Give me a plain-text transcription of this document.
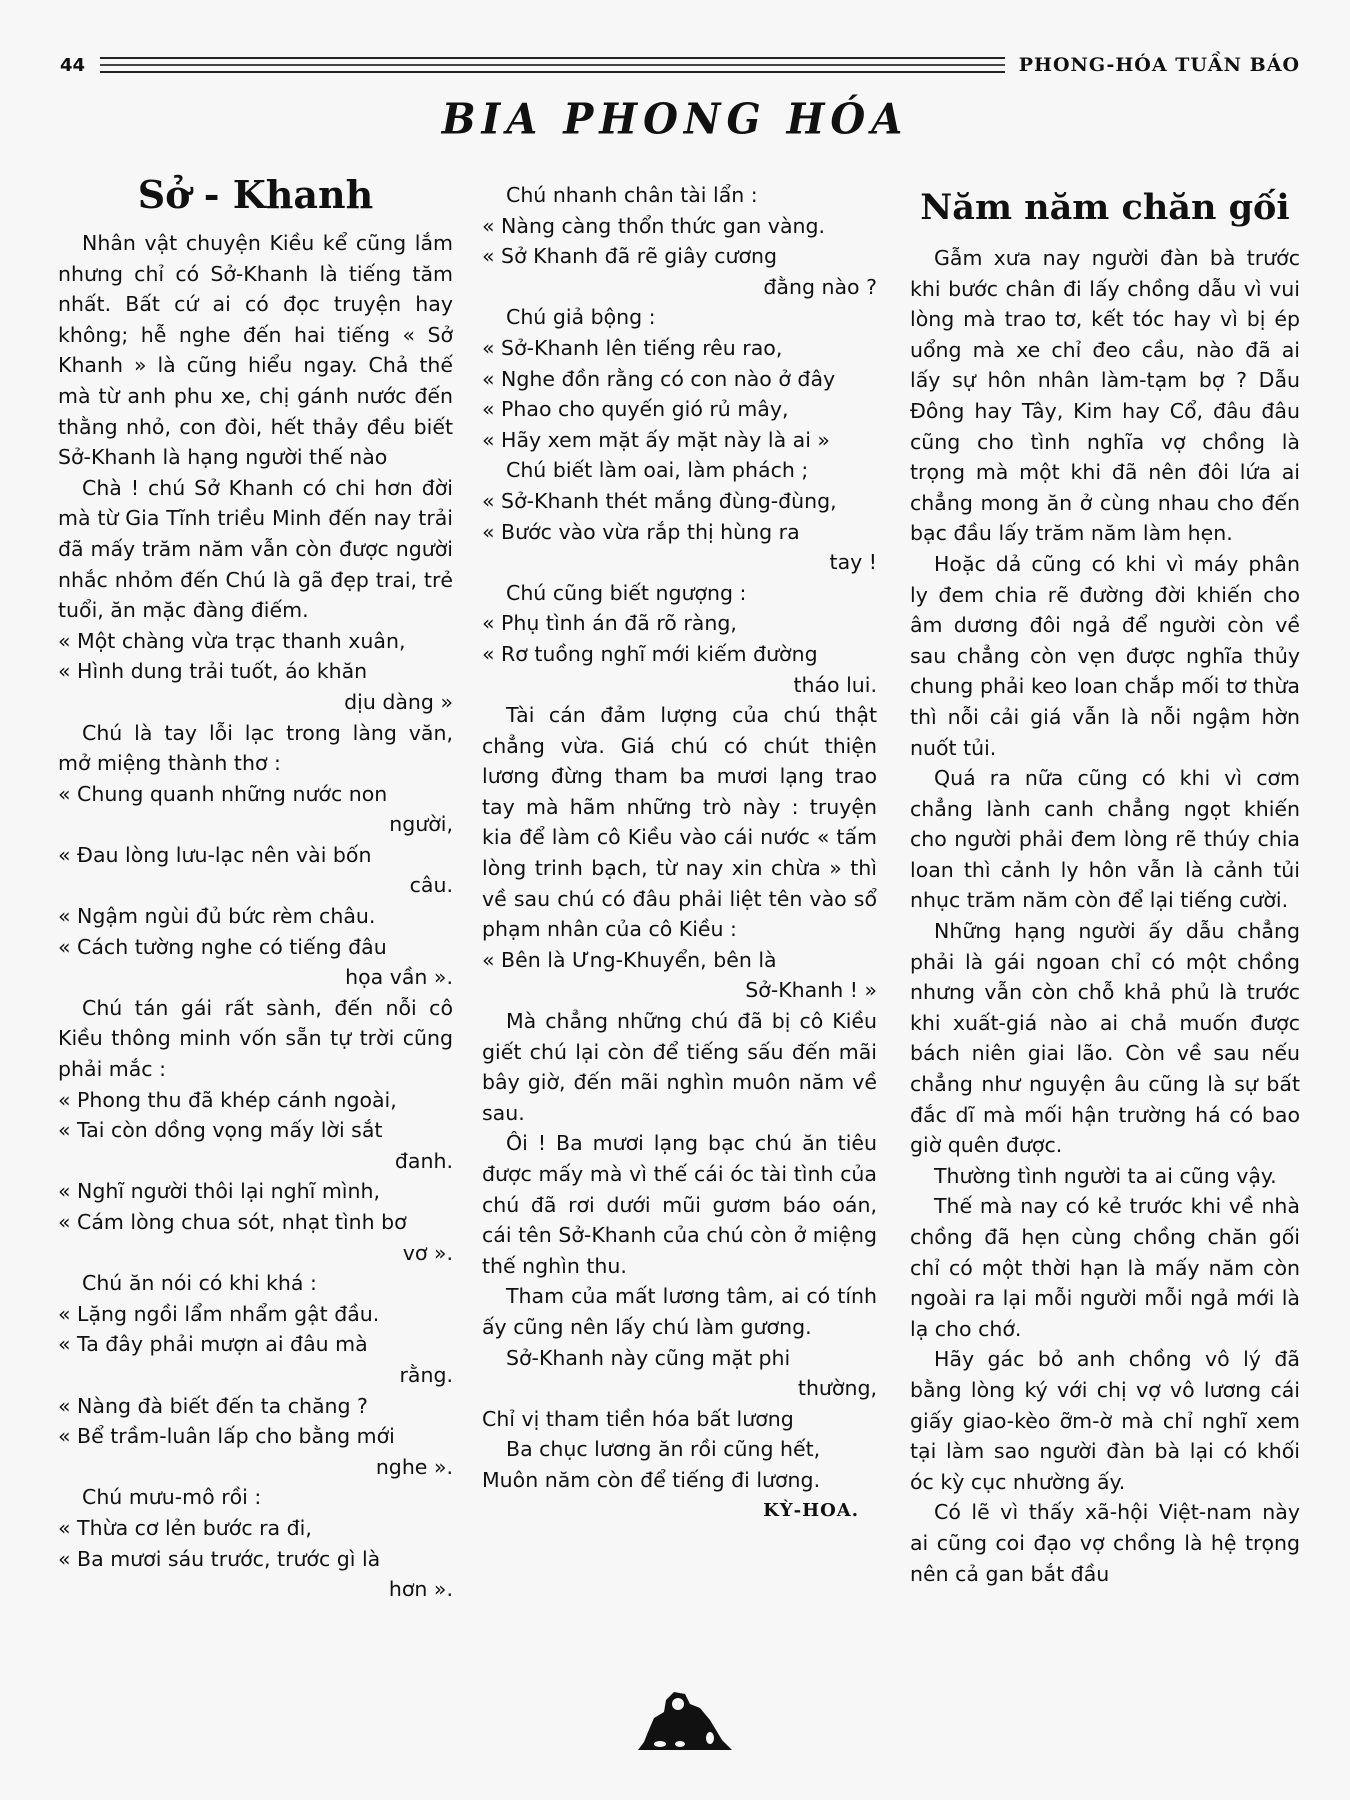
44	PHONG-HÓA TUẦN BÁO
BIA PHONG HÓA
Sở - Khanh

Nhân vật chuyện Kiều kể cũng lắm nhưng chỉ có Sở-Khanh là tiếng tăm nhất. Bất cứ ai có đọc truyện hay không; hễ nghe đến hai tiếng « Sở Khanh » là cũng hiểu ngay. Chả thế mà từ anh phu xe, chị gánh nước đến thằng nhỏ, con đòi, hết thảy đều biết Sở-Khanh là hạng người thế nào

Chà ! chú Sở Khanh có chi hơn đời mà từ Gia Tĩnh triều Minh đến nay trải đã mấy trăm năm vẫn còn được người nhắc nhỏm đến Chú là gã đẹp trai, trẻ tuổi, ăn mặc đàng điếm.

« Một chàng vừa trạc thanh xuân,

« Hình dung trải tuốt, áo khăn

dịu dàng »

Chú là tay lỗi lạc trong làng văn, mở miệng thành thơ :

« Chung quanh những nước non

người,

« Đau lòng lưu-lạc nên vài bốn

câu.

« Ngậm ngùi đủ bức rèm châu.

« Cách tường nghe có tiếng đâu

họa vần ».

Chú tán gái rất sành, đến nỗi cô Kiều thông minh vốn sẵn tự trời cũng phải mắc :

« Phong thu đã khép cánh ngoài,

« Tai còn dồng vọng mấy lời sắt

đanh.

« Nghĩ người thôi lại nghĩ mình,

« Cám lòng chua sót, nhạt tình bơ

vơ ».

Chú ăn nói có khi khá :

« Lặng ngồi lẩm nhẩm gật đầu.

« Ta đây phải mượn ai đâu mà

rằng.

« Nàng đà biết đến ta chăng ?

« Bể trầm-luân lấp cho bằng mới

nghe ».

Chú mưu-mô rồi :

« Thừa cơ lẻn bước ra đi,

« Ba mươi sáu trước, trước gì là

hơn ».

Chú nhanh chân tài lẩn :

« Nàng càng thổn thức gan vàng.

« Sở Khanh đã rẽ giây cương

đằng nào ?

Chú giả bộng :

« Sở-Khanh lên tiếng rêu rao,

« Nghe đồn rằng có con nào ở đây

« Phao cho quyến gió rủ mây,

« Hãy xem mặt ấy mặt này là ai »

Chú biết làm oai, làm phách ;

« Sở-Khanh thét mắng đùng-đùng,

« Bước vào vừa rắp thị hùng ra

tay !

Chú cũng biết ngượng :

« Phụ tình án đã rõ ràng,

« Rơ tuồng nghĩ mới kiếm đường

tháo lui.

Tài cán đảm lượng của chú thật chẳng vừa. Giá chú có chút thiện lương đừng tham ba mươi lạng trao tay mà hãm những trò này : truyện kia để làm cô Kiều vào cái nước « tấm lòng trinh bạch, từ nay xin chừa » thì về sau chú có đâu phải liệt tên vào sổ phạm nhân của cô Kiều :

« Bên là Ưng-Khuyển, bên là

Sở-Khanh ! »

Mà chẳng những chú đã bị cô Kiều giết chú lại còn để tiếng sấu đến mãi bây giờ, đến mãi nghìn muôn năm về sau.

Ôi ! Ba mươi lạng bạc chú ăn tiêu được mấy mà vì thế cái óc tài tình của chú đã rơi dưới mũi gươm báo oán, cái tên Sở-Khanh của chú còn ở miệng thế nghìn thu.

Tham của mất lương tâm, ai có tính ấy cũng nên lấy chú làm gương.

Sở-Khanh này cũng mặt phi

thường,

Chỉ vị tham tiền hóa bất lương

Ba chục lương ăn rồi cũng hết,

Muôn năm còn để tiếng đi lương.

KỲ-HOA.

Năm năm chăn gối

Gẫm xưa nay người đàn bà trước khi bước chân đi lấy chồng dẫu vì vui lòng mà trao tơ, kết tóc hay vì bị ép uổng mà xe chỉ đeo cầu, nào đã ai lấy sự hôn nhân làm-tạm bợ ? Dẫu Đông hay Tây, Kim hay Cổ, đâu đâu cũng cho tình nghĩa vợ chồng là trọng mà một khi đã nên đôi lứa ai chẳng mong ăn ở cùng nhau cho đến bạc đầu lấy trăm năm làm hẹn.

Hoặc dả cũng có khi vì máy phân ly đem chia rẽ đường đời khiến cho âm dương đôi ngả để người còn về sau chẳng còn vẹn được nghĩa thủy chung phải keo loan chắp mối tơ thừa thì nỗi cải giá vẫn là nỗi ngậm hờn nuốt tủi.

Quá ra nữa cũng có khi vì cơm chẳng lành canh chẳng ngọt khiến cho người phải đem lòng rẽ thúy chia loan thì cảnh ly hôn vẫn là cảnh tủi nhục trăm năm còn để lại tiếng cười.

Những hạng người ấy dẫu chẳng phải là gái ngoan chỉ có một chồng nhưng vẫn còn chỗ khả phủ là trước khi xuất-giá nào ai chả muốn được bách niên giai lão. Còn về sau nếu chẳng như nguyện âu cũng là sự bất đắc dĩ mà mối hận trường há có bao giờ quên được.

Thường tình người ta ai cũng vậy.

Thế mà nay có kẻ trước khi về nhà chồng đã hẹn cùng chồng chăn gối chỉ có một thời hạn là mấy năm còn ngoài ra lại mỗi người mỗi ngả mới là lạ cho chớ.

Hãy gác bỏ anh chồng vô lý đã bằng lòng ký với chị vợ vô lương cái giấy giao-kèo ỡm-ờ mà chỉ nghĩ xem tại làm sao người đàn bà lại có khối óc kỳ cục nhường ấy.

Có lẽ vì thấy xã-hội Việt-nam này ai cũng coi đạo vợ chồng là hệ trọng nên cả gan bắt đầu
